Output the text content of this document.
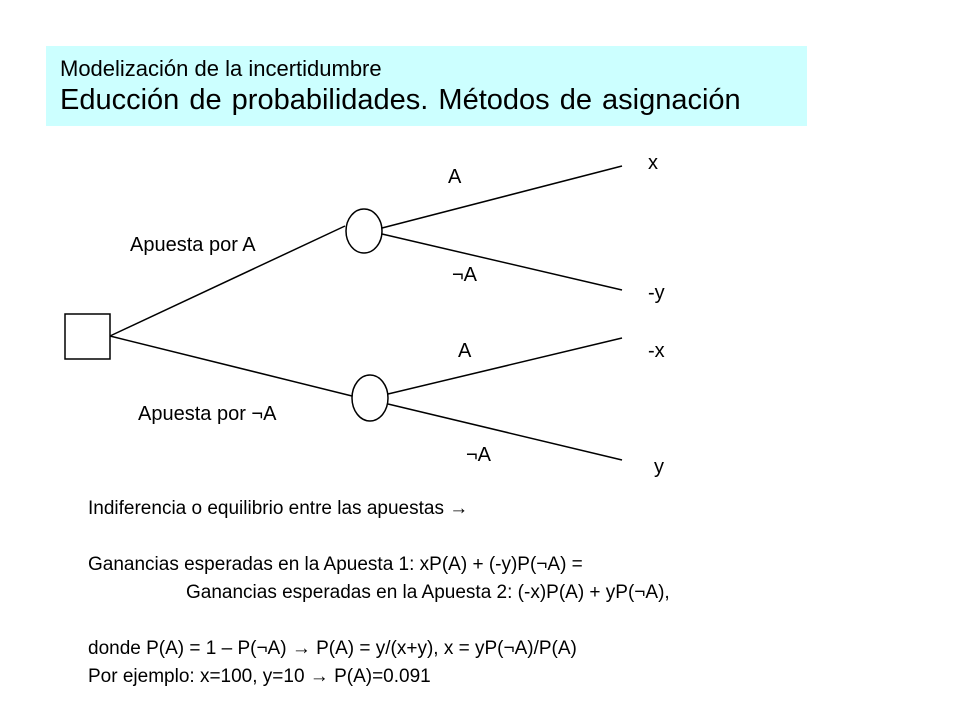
Modelización de la incertidumbre
Educción de probabilidades. Métodos de asignación
A
¬A
A
¬A
Apuesta por A
Apuesta por ¬A
x
-y
-x
y
Indiferencia o equilibrio entre las apuestas →
Ganancias esperadas en la Apuesta 1: xP(A) + (-y)P(¬A) =
Ganancias esperadas en la Apuesta 2: (-x)P(A) + yP(¬A),
donde P(A) = 1 – P(¬A) → P(A) = y/(x+y), x = yP(¬A)/P(A)
Por ejemplo: x=100, y=10 → P(A)=0.091
